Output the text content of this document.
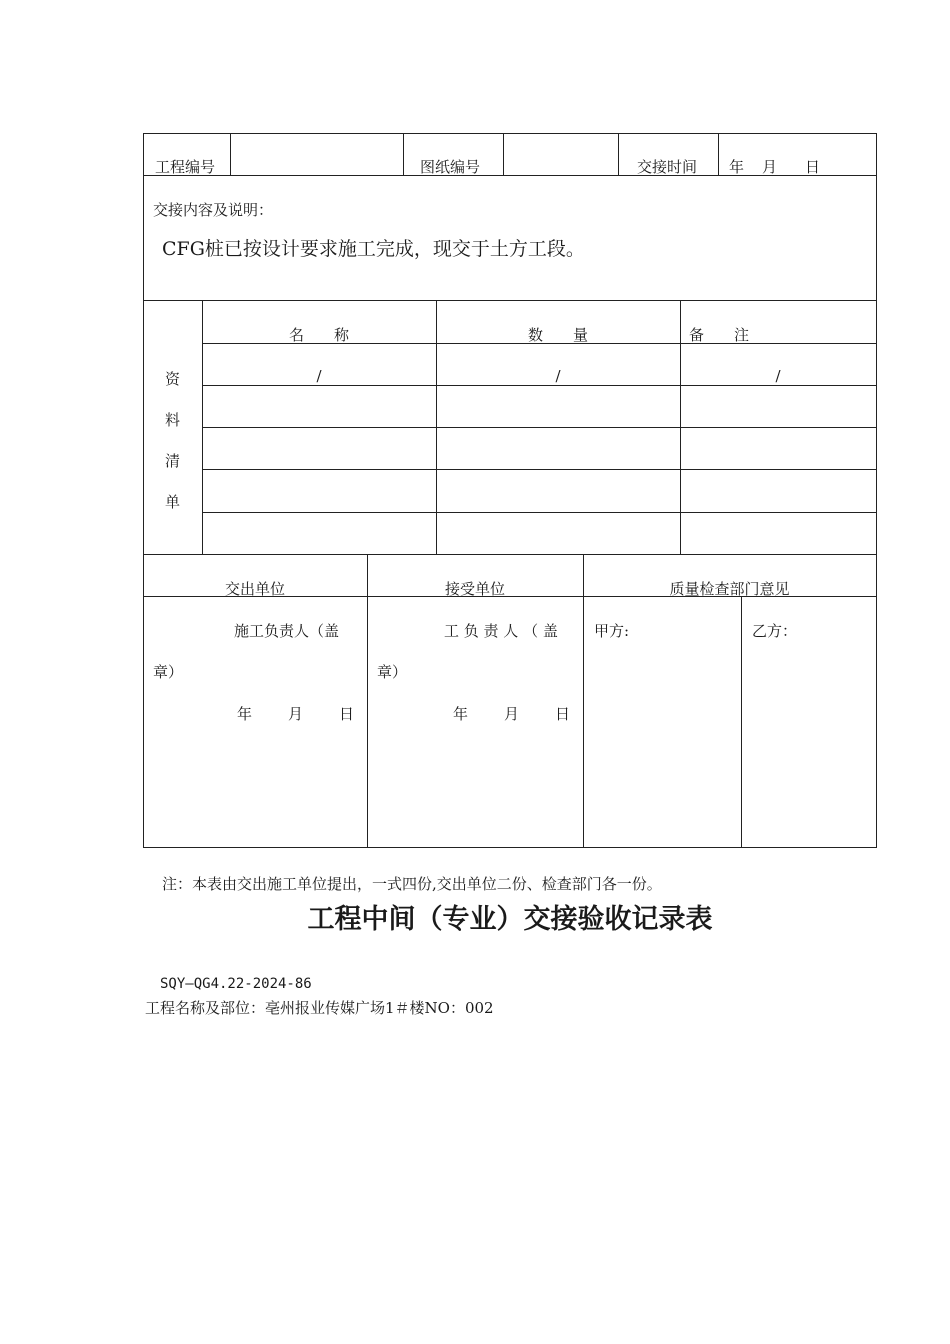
工程编号	图纸编号	交接时间 年 月 日
交接内容及说明：
CFG桩已按设计要求施工完成，现交于土方工段。
资
料
清
单
名　　称	数　　量	备　　注
/	/	/
交出单位	接受单位	质量检查部门意见
施工负责人（盖
章）
年 月 日
工 负 责 人 （ 盖
章）
年 月 日
甲方:	乙方：
注：本表由交出施工单位提出，一式四份,交出单位二份、检查部门各一份。
工程中间（专业）交接验收记录表
SQY—QG4.22-2024-86
工程名称及部位：亳州报业传媒广场1＃楼NO：002
